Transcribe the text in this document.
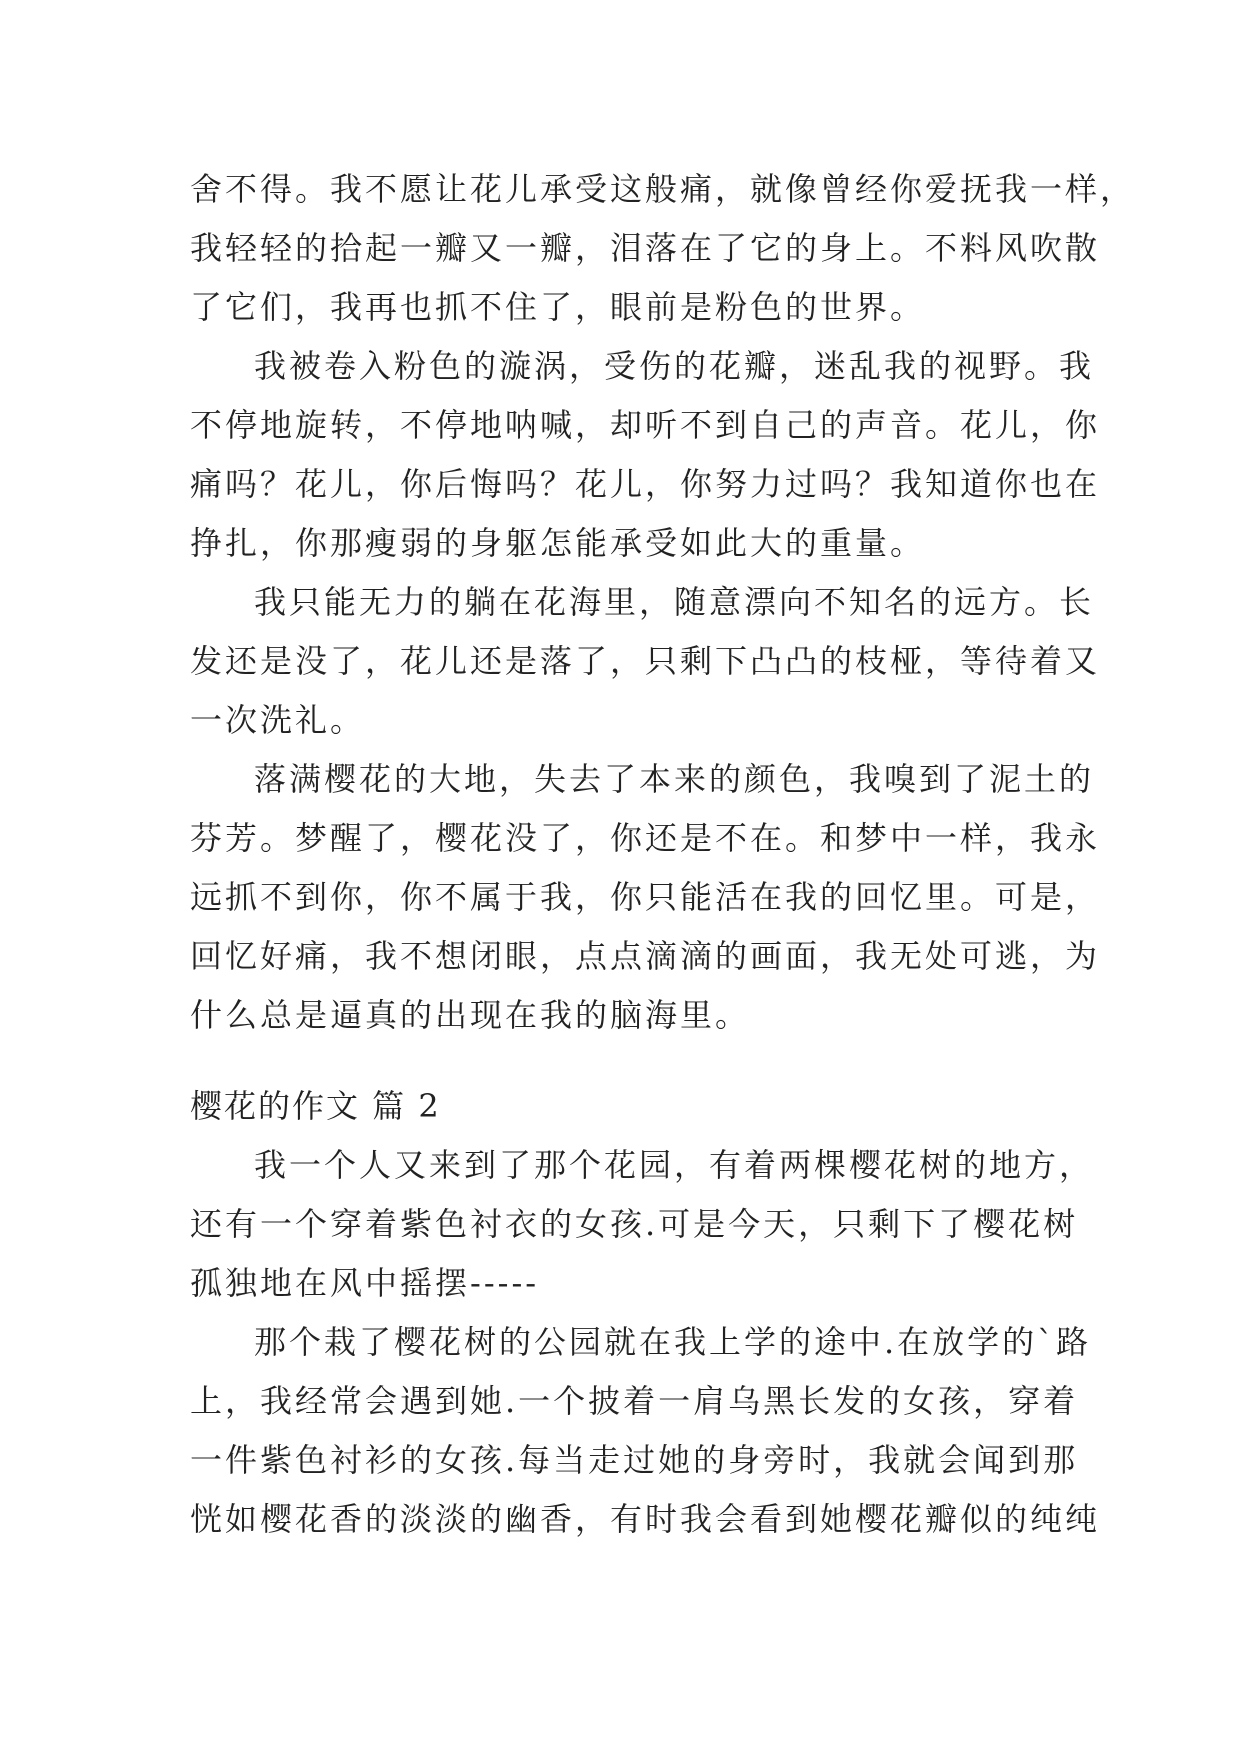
舍不得。我不愿让花儿承受这般痛，就像曾经你爱抚我一样，
我轻轻的拾起一瓣又一瓣，泪落在了它的身上。不料风吹散
了它们，我再也抓不住了，眼前是粉色的世界。

我被卷入粉色的漩涡，受伤的花瓣，迷乱我的视野。我
不停地旋转，不停地呐喊，却听不到自己的声音。花儿，你
痛吗？花儿，你后悔吗？花儿，你努力过吗？我知道你也在
挣扎，你那瘦弱的身躯怎能承受如此大的重量。

我只能无力的躺在花海里，随意漂向不知名的远方。长
发还是没了，花儿还是落了，只剩下凸凸的枝桠，等待着又
一次洗礼。

落满樱花的大地，失去了本来的颜色，我嗅到了泥土的
芬芳。梦醒了，樱花没了，你还是不在。和梦中一样，我永
远抓不到你，你不属于我，你只能活在我的回忆里。可是，
回忆好痛，我不想闭眼，点点滴滴的画面，我无处可逃，为
什么总是逼真的出现在我的脑海里。

樱花的作文 篇 2

我一个人又来到了那个花园，有着两棵樱花树的地方，
还有一个穿着紫色衬衣的女孩.可是今天，只剩下了樱花树
孤独地在风中摇摆-----

那个栽了樱花树的公园就在我上学的途中.在放学的`路
上，我经常会遇到她.一个披着一肩乌黑长发的女孩，穿着
一件紫色衬衫的女孩.每当走过她的身旁时，我就会闻到那
恍如樱花香的淡淡的幽香，有时我会看到她樱花瓣似的纯纯
